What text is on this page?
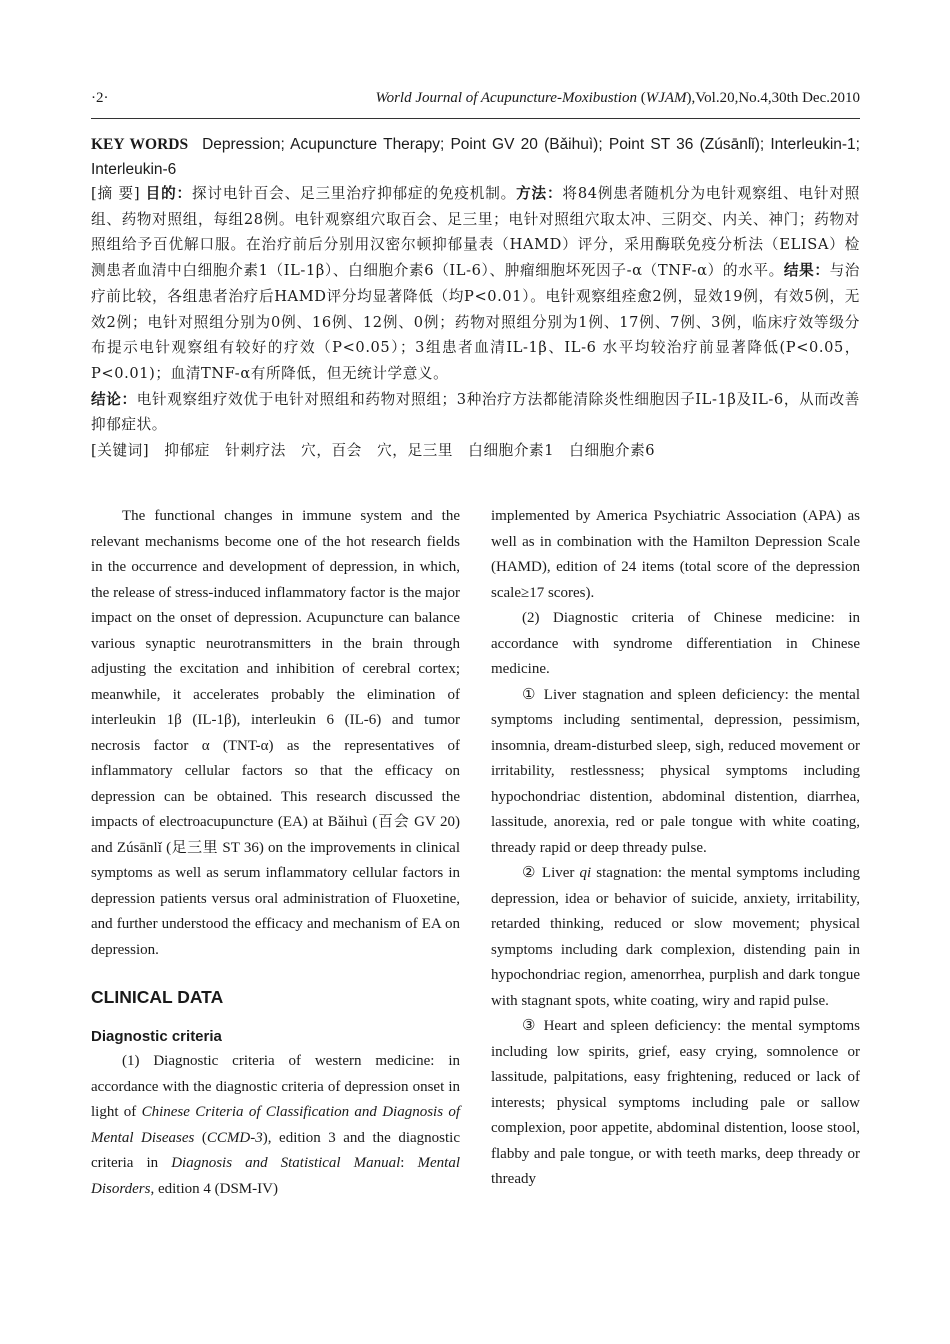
·2·	World Journal of Acupuncture-Moxibustion (WJAM),Vol.20,No.4,30th Dec.2010
KEY WORDS Depression; Acupuncture Therapy; Point GV 20 (Bǎihuì); Point ST 36 (Zúsānlǐ); Interleukin-1; Interleukin-6
[摘 要] 目的：探讨电针百会、足三里治疗抑郁症的免疫机制。方法：将84例患者随机分为电针观察组、电针对照组、药物对照组，每组28例。电针观察组穴取百会、足三里；电针对照组穴取太冲、三阴交、内关、神门；药物对照组给予百优解口服。在治疗前后分别用汉密尔顿抑郁量表（HAMD）评分，采用酶联免疫分析法（ELISA）检测患者血清中白细胞介素1（IL-1β）、白细胞介素6（IL-6）、肿瘤细胞坏死因子-α（TNF-α）的水平。结果：与治疗前比较，各组患者治疗后HAMD评分均显著降低（均P<0.01）。电针观察组痊愈2例，显效19例，有效5例，无效2例；电针对照组分别为0例、16例、12例、0例；药物对照组分别为1例、17例、7例、3例，临床疗效等级分布提示电针观察组有较好的疗效（P<0.05）；3组患者血清IL-1β、IL-6 水平均较治疗前显著降低(P<0.05，P<0.01)；血清TNF-α有所降低，但无统计学意义。
结论：电针观察组疗效优于电针对照组和药物对照组；3种治疗方法都能清除炎性细胞因子IL-1β及IL-6，从而改善抑郁症状。
[关键词]　 抑郁症　针刺疗法　穴，百会　穴，足三里　白细胞介素1　白细胞介素6

The functional changes in immune system and the relevant mechanisms become one of the hot research fields in the occurrence and development of depression, in which, the release of stress-induced inflammatory factor is the major impact on the onset of depression. Acupuncture can balance various synaptic neurotransmitters in the brain through adjusting the excitation and inhibition of cerebral cortex; meanwhile, it accelerates probably the elimination of interleukin 1β (IL-1β), interleukin 6 (IL-6) and tumor necrosis factor α (TNT-α) as the representatives of inflammatory cellular factors so that the efficacy on depression can be obtained. This research discussed the impacts of electroacupuncture (EA) at Bǎihuì (百会 GV 20) and Zúsānlǐ (足三里 ST 36) on the improvements in clinical symptoms as well as serum inflammatory cellular factors in depression patients versus oral administration of Fluoxetine, and further understood the efficacy and mechanism of EA on depression.

CLINICAL DATA
Diagnostic criteria

(1) Diagnostic criteria of western medicine: in accordance with the diagnostic criteria of depression onset in light of Chinese Criteria of Classification and Diagnosis of Mental Diseases (CCMD-3), edition 3 and the diagnostic criteria in Diagnosis and Statistical Manual: Mental Disorders, edition 4 (DSM-IV)

implemented by America Psychiatric Association (APA) as well as in combination with the Hamilton Depression Scale (HAMD), edition of 24 items (total score of the depression scale≥17 scores).

(2) Diagnostic criteria of Chinese medicine: in accordance with syndrome differentiation in Chinese medicine.

① Liver stagnation and spleen deficiency: the mental symptoms including sentimental, depression, pessimism, insomnia, dream-disturbed sleep, sigh, reduced movement or irritability, restlessness; physical symptoms including hypochondriac distention, abdominal distention, diarrhea, lassitude, anorexia, red or pale tongue with white coating, thready rapid or deep thready pulse.

② Liver qi stagnation: the mental symptoms including depression, idea or behavior of suicide, anxiety, irritability, retarded thinking, reduced or slow movement; physical symptoms including dark complexion, distending pain in hypochondriac region, amenorrhea, purplish and dark tongue with stagnant spots, white coating, wiry and rapid pulse.

③ Heart and spleen deficiency: the mental symptoms including low spirits, grief, easy crying, somnolence or lassitude, palpitations, easy frightening, reduced or lack of interests; physical symptoms including pale or sallow complexion, poor appetite, abdominal distention, loose stool, flabby and pale tongue, or with teeth marks, deep thready or thready
